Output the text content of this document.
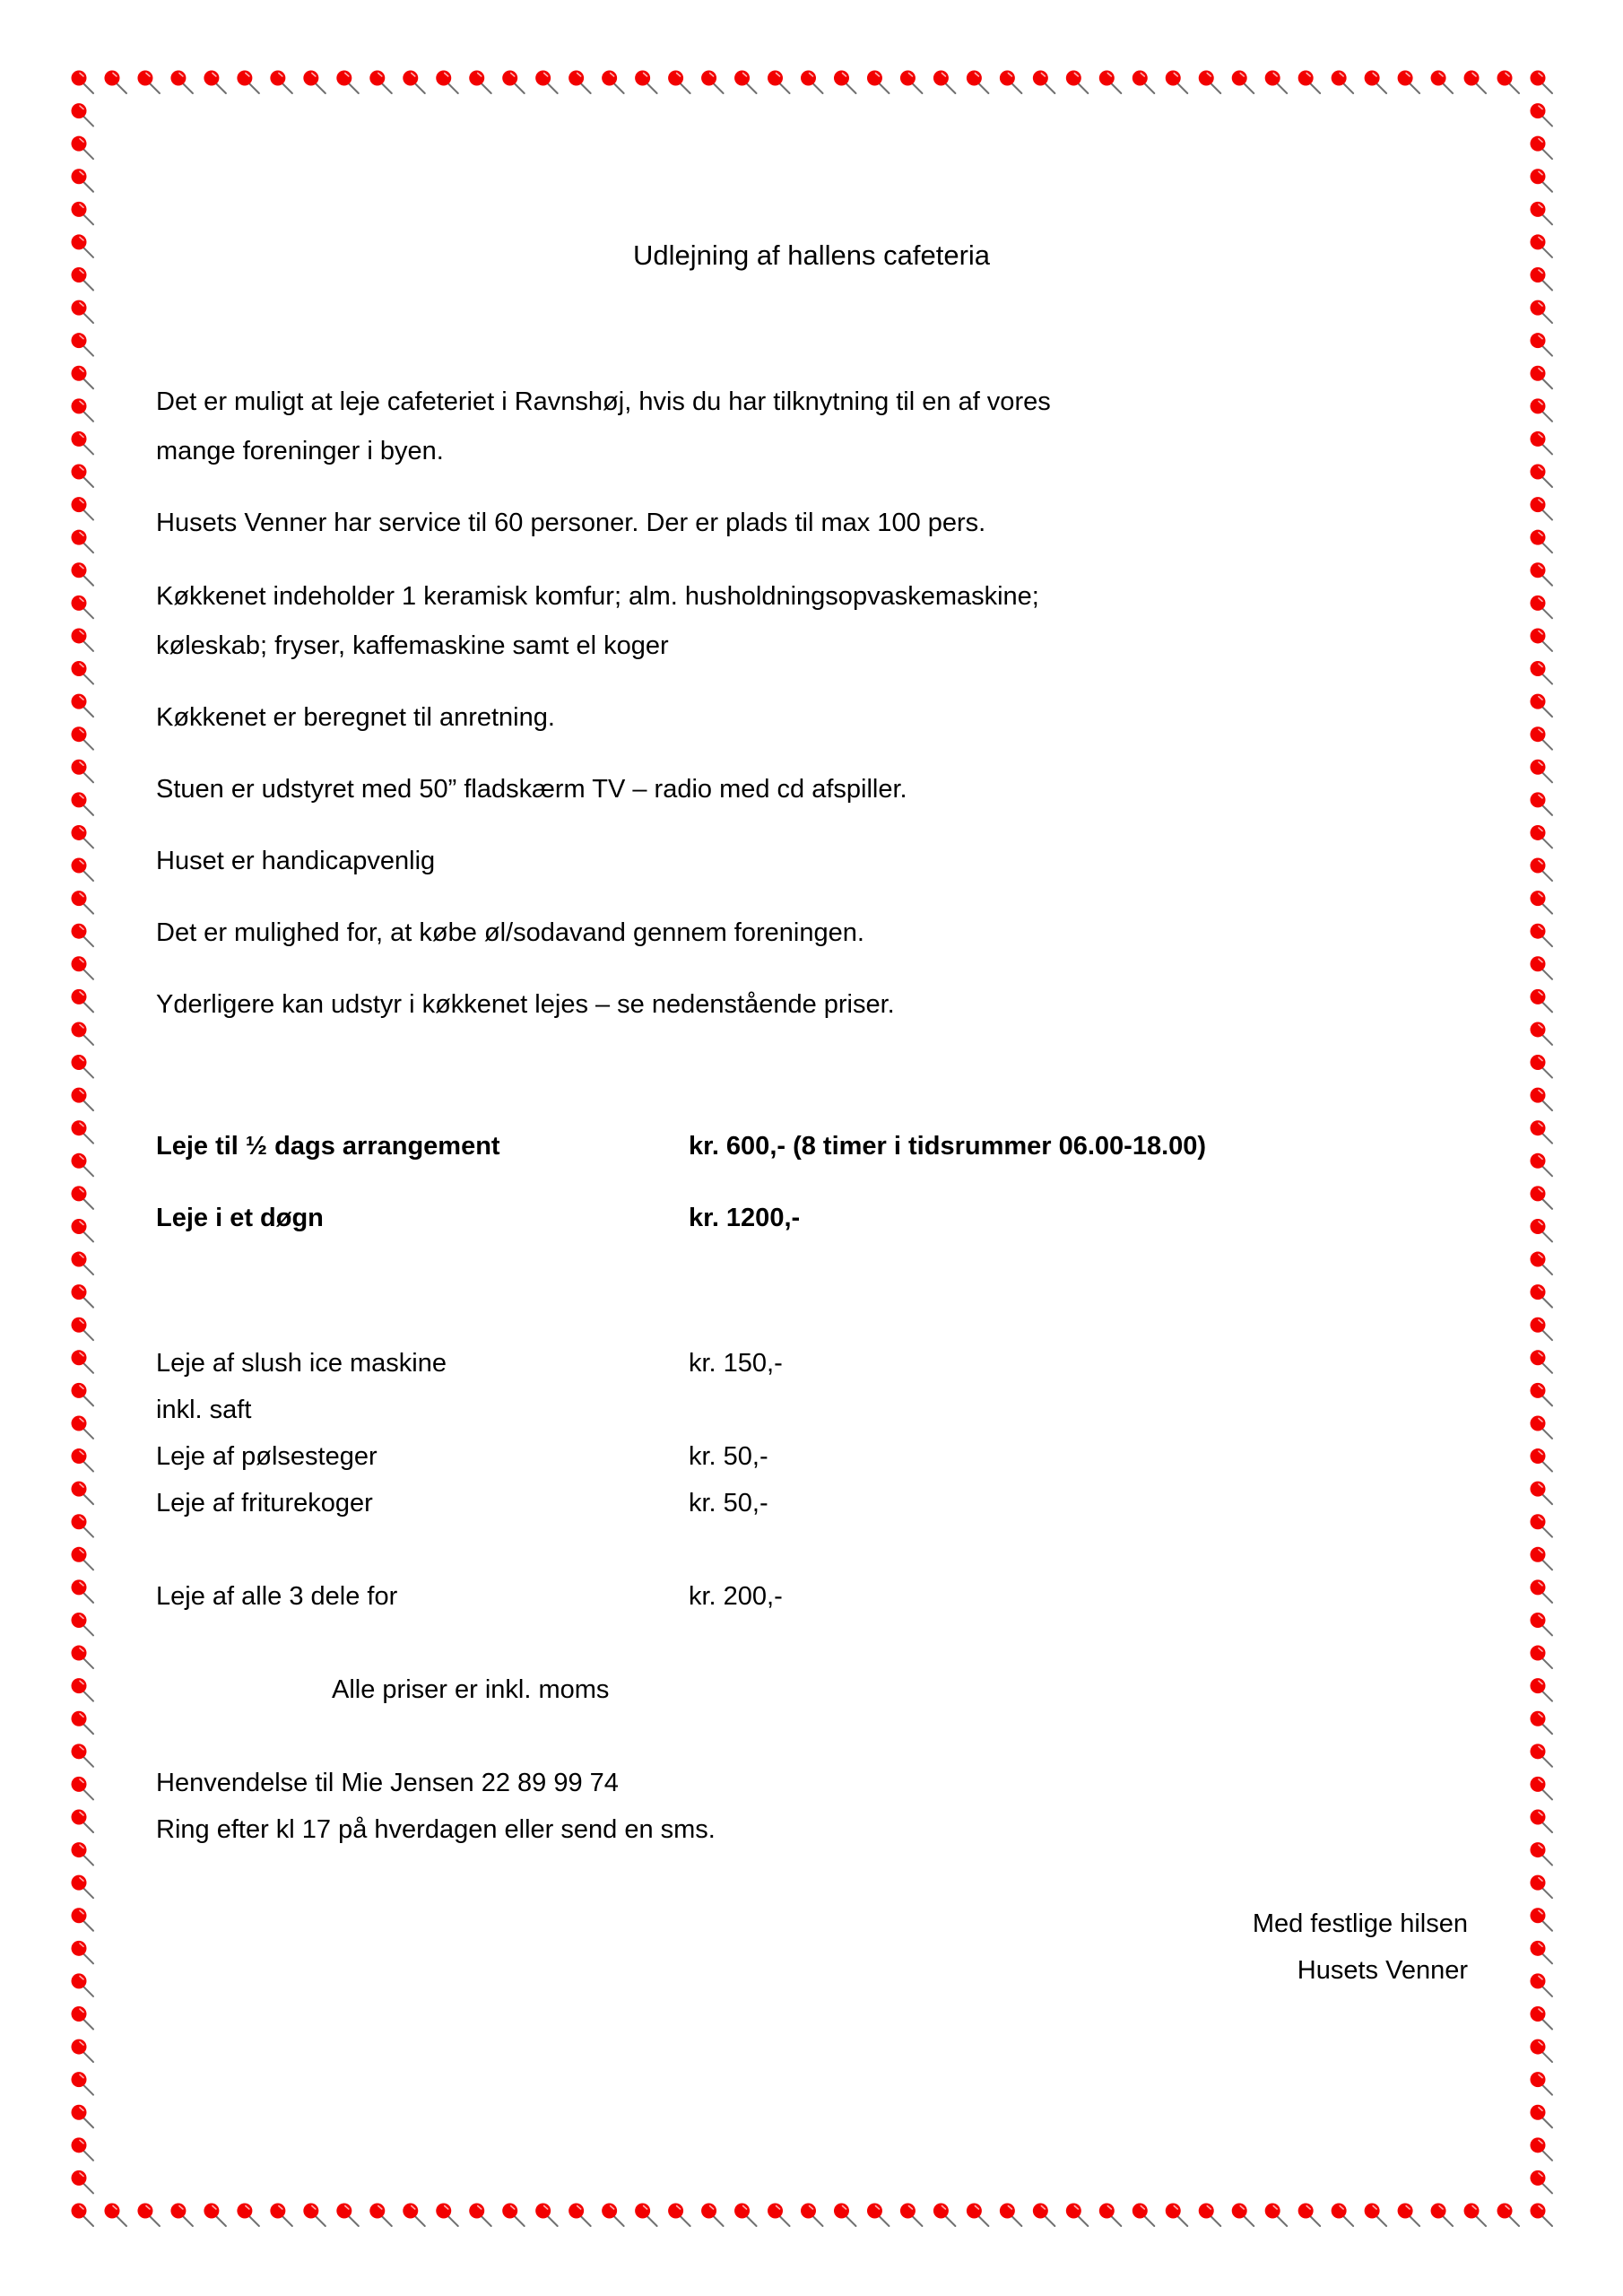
Udlejning af hallens cafeteria
Det er muligt at leje cafeteriet i Ravnshøj, hvis du har tilknytning til en af vores
mange foreninger i byen.
Husets Venner har service til 60 personer. Der er plads til max 100 pers.
Køkkenet indeholder 1 keramisk komfur; alm. husholdningsopvaskemaskine;
køleskab; fryser, kaffemaskine samt el koger
Køkkenet er beregnet til anretning.
Stuen er udstyret med 50” fladskærm TV – radio med cd afspiller.
Huset er handicapvenlig
Det er mulighed for, at købe øl/sodavand gennem foreningen.
Yderligere kan udstyr i køkkenet lejes – se nedenstående priser.
Leje til ½ dags arrangement	kr. 600,- (8 timer i tidsrummer 06.00-18.00)
Leje i et døgn	kr. 1200,-
Leje af slush ice maskine	kr. 150,-
inkl. saft
Leje af pølsesteger	kr. 50,-
Leje af friturekoger	kr. 50,-
Leje af alle 3 dele for	kr. 200,-
Alle priser er inkl. moms
Henvendelse til Mie Jensen 22 89 99 74
Ring efter kl 17 på hverdagen eller send en sms.
Med festlige hilsen
Husets Venner
